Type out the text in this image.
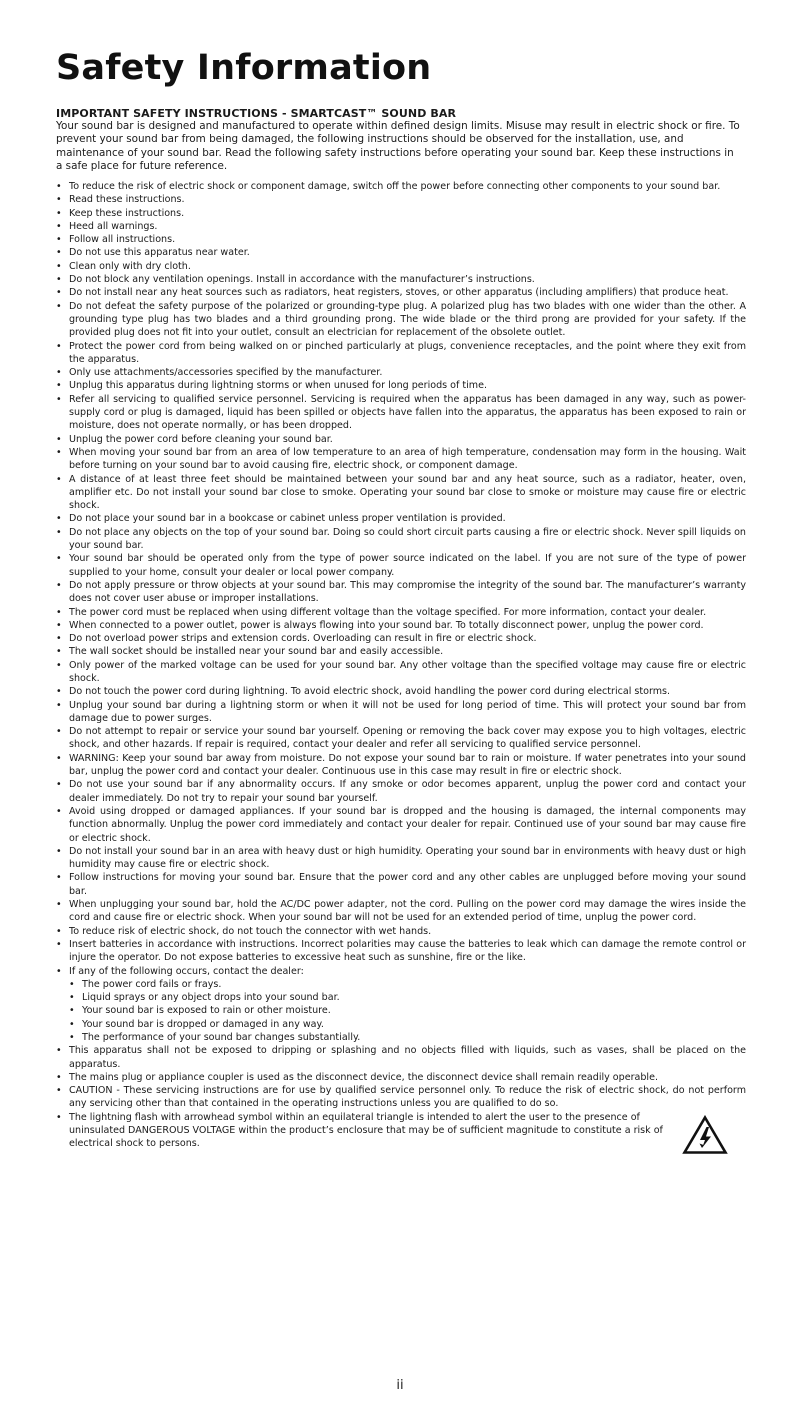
Safety Information
IMPORTANT SAFETY INSTRUCTIONS - SMARTCAST™ SOUND BAR

Your sound bar is designed and manufactured to operate within defined design limits. Misuse may result in electric shock or fire. To prevent your sound bar from being damaged, the following instructions should be observed for the installation, use, and maintenance of your sound bar. Read the following safety instructions before operating your sound bar. Keep these instructions in a safe place for future reference.

• To reduce the risk of electric shock or component damage, switch off the power before connecting other components to your sound bar.
• Read these instructions.
• Keep these instructions.
• Heed all warnings.
• Follow all instructions.
• Do not use this apparatus near water.
• Clean only with dry cloth.
• Do not block any ventilation openings. Install in accordance with the manufacturer’s instructions.
• Do not install near any heat sources such as radiators, heat registers, stoves, or other apparatus (including amplifiers) that produce heat.
• Do not defeat the safety purpose of the polarized or grounding-type plug. A polarized plug has two blades with one wider than the other. A grounding type plug has two blades and a third grounding prong. The wide blade or the third prong are provided for your safety. If the provided plug does not fit into your outlet, consult an electrician for replacement of the obsolete outlet.
• Protect the power cord from being walked on or pinched particularly at plugs, convenience receptacles, and the point where they exit from the apparatus.
• Only use attachments/accessories specified by the manufacturer.
• Unplug this apparatus during lightning storms or when unused for long periods of time.
• Refer all servicing to qualified service personnel. Servicing is required when the apparatus has been damaged in any way, such as power-supply cord or plug is damaged, liquid has been spilled or objects have fallen into the apparatus, the apparatus has been exposed to rain or moisture, does not operate normally, or has been dropped.
• Unplug the power cord before cleaning your sound bar.
• When moving your sound bar from an area of low temperature to an area of high temperature, condensation may form in the housing. Wait before turning on your sound bar to avoid causing fire, electric shock, or component damage.
• A distance of at least three feet should be maintained between your sound bar and any heat source, such as a radiator, heater, oven, amplifier etc. Do not install your sound bar close to smoke. Operating your sound bar close to smoke or moisture may cause fire or electric shock.
• Do not place your sound bar in a bookcase or cabinet unless proper ventilation is provided.
• Do not place any objects on the top of your sound bar. Doing so could short circuit parts causing a fire or electric shock. Never spill liquids on your sound bar.
• Your sound bar should be operated only from the type of power source indicated on the label. If you are not sure of the type of power supplied to your home, consult your dealer or local power company.
• Do not apply pressure or throw objects at your sound bar. This may compromise the integrity of the sound bar. The manufacturer’s warranty does not cover user abuse or improper installations.
• The power cord must be replaced when using different voltage than the voltage specified. For more information, contact your dealer.
• When connected to a power outlet, power is always flowing into your sound bar. To totally disconnect power, unplug the power cord.
• Do not overload power strips and extension cords. Overloading can result in fire or electric shock.
• The wall socket should be installed near your sound bar and easily accessible.
• Only power of the marked voltage can be used for your sound bar. Any other voltage than the specified voltage may cause fire or electric shock.
• Do not touch the power cord during lightning. To avoid electric shock, avoid handling the power cord during electrical storms.
• Unplug your sound bar during a lightning storm or when it will not be used for long period of time. This will protect your sound bar from damage due to power surges.
• Do not attempt to repair or service your sound bar yourself. Opening or removing the back cover may expose you to high voltages, electric shock, and other hazards. If repair is required, contact your dealer and refer all servicing to qualified service personnel.
• WARNING: Keep your sound bar away from moisture. Do not expose your sound bar to rain or moisture. If water penetrates into your sound bar, unplug the power cord and contact your dealer. Continuous use in this case may result in fire or electric shock.
• Do not use your sound bar if any abnormality occurs. If any smoke or odor becomes apparent, unplug the power cord and contact your dealer immediately. Do not try to repair your sound bar yourself.
• Avoid using dropped or damaged appliances. If your sound bar is dropped and the housing is damaged, the internal components may function abnormally. Unplug the power cord immediately and contact your dealer for repair. Continued use of your sound bar may cause fire or electric shock.
• Do not install your sound bar in an area with heavy dust or high humidity. Operating your sound bar in environments with heavy dust or high humidity may cause fire or electric shock.
• Follow instructions for moving your sound bar. Ensure that the power cord and any other cables are unplugged before moving your sound bar.
• When unplugging your sound bar, hold the AC/DC power adapter, not the cord. Pulling on the power cord may damage the wires inside the cord and cause fire or electric shock. When your sound bar will not be used for an extended period of time, unplug the power cord.
• To reduce risk of electric shock, do not touch the connector with wet hands.
• Insert batteries in accordance with instructions. Incorrect polarities may cause the batteries to leak which can damage the remote control or injure the operator. Do not expose batteries to excessive heat such as sunshine, fire or the like.
• If any of the following occurs, contact the dealer:
• The power cord fails or frays.
• Liquid sprays or any object drops into your sound bar.
• Your sound bar is exposed to rain or other moisture.
• Your sound bar is dropped or damaged in any way.
• The performance of your sound bar changes substantially.
• This apparatus shall not be exposed to dripping or splashing and no objects filled with liquids, such as vases, shall be placed on the apparatus.
• The mains plug or appliance coupler is used as the disconnect device, the disconnect device shall remain readily operable.
• CAUTION - These servicing instructions are for use by qualified service personnel only. To reduce the risk of electric shock, do not perform any servicing other than that contained in the operating instructions unless you are qualified to do so.
• The lightning flash with arrowhead symbol within an equilateral triangle is intended to alert the user to the presence of uninsulated DANGEROUS VOLTAGE within the product’s enclosure that may be of sufficient magnitude to constitute a risk of electrical shock to persons.
ii
